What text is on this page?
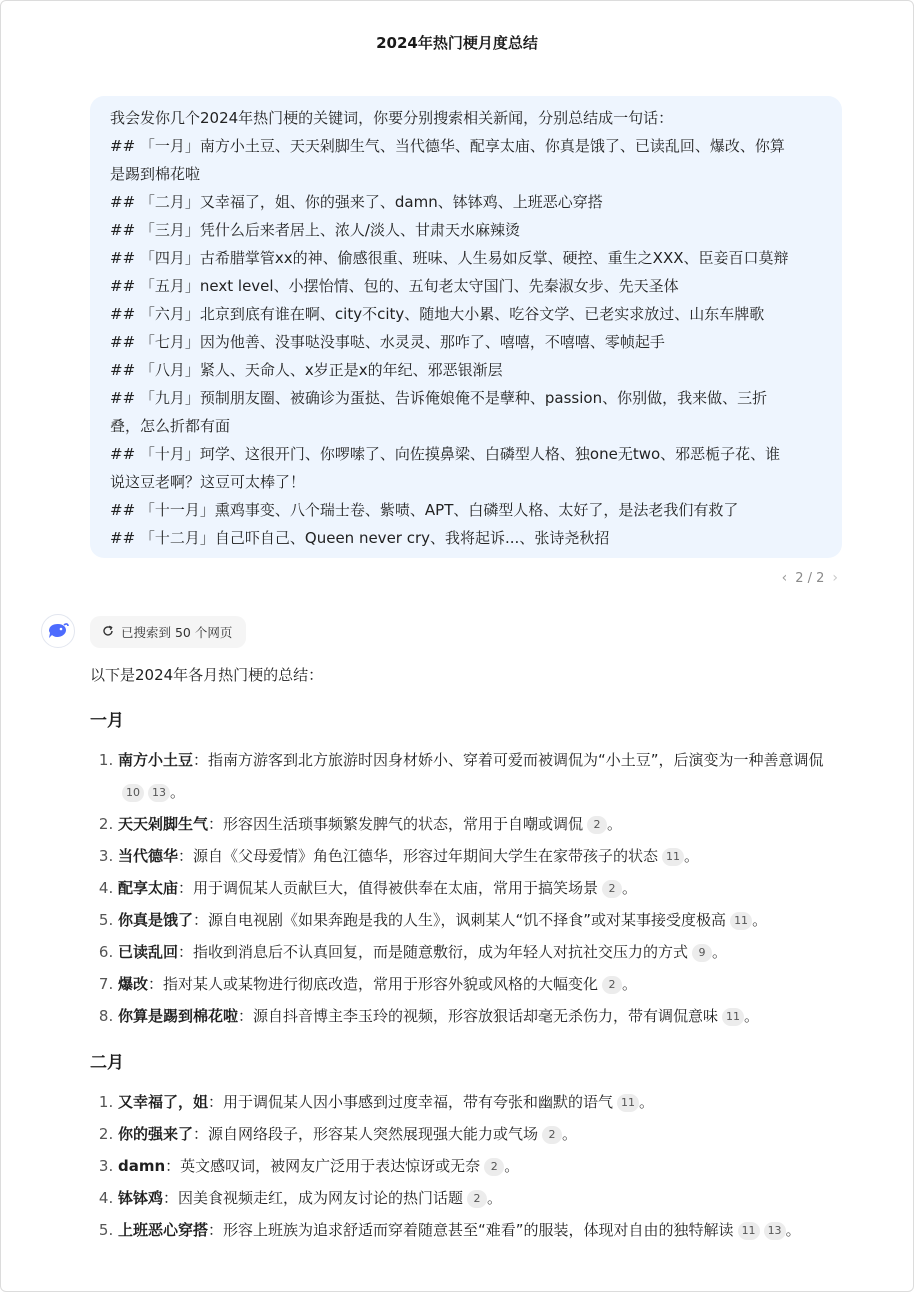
2024年热门梗月度总结

我会发你几个2024年热门梗的关键词，你要分别搜索相关新闻，分别总结成一句话：

## 「一月」南方小土豆、天天剁脚生气、当代德华、配享太庙、你真是饿了、已读乱回、爆改、你算

是踢到棉花啦

## 「二月」又幸福了，姐、你的强来了、damn、钵钵鸡、上班恶心穿搭

## 「三月」凭什么后来者居上、浓人/淡人、甘肃天水麻辣烫

## 「四月」古希腊掌管xx的神、偷感很重、班味、人生易如反掌、硬控、重生之XXX、臣妾百口莫辩

## 「五月」next level、小摆怡情、包的、五旬老太守国门、先秦淑女步、先天圣体

## 「六月」北京到底有谁在啊、city不city、随地大小累、吃谷文学、已老实求放过、山东车牌歌

## 「七月」因为他善、没事哒没事哒、水灵灵、那咋了、嘻嘻，不嘻嘻、零帧起手

## 「八月」紧人、天命人、x岁正是x的年纪、邪恶银渐层

## 「九月」预制朋友圈、被确诊为蛋挞、告诉俺娘俺不是孽种、passion、你别做，我来做、三折

叠，怎么折都有面

## 「十月」珂学、这很开门、你啰嗦了、向佐摸鼻梁、白磷型人格、独one无two、邪恶栀子花、谁

说这豆老啊？这豆可太棒了！

## 「十一月」熏鸡事变、八个瑞士卷、紫啧、APT、白磷型人格、太好了，是法老我们有救了

## 「十二月」自己吓自己、Queen never cry、我将起诉...、张诗尧秋招

‹ 2 / 2 ›
已搜索到 50 个网页

以下是2024年各月热门梗的总结：

一月
1. 南方小土豆：指南方游客到北方旅游时因身材娇小、穿着可爱而被调侃为“小土豆”，后演变为一种善意调侃10 13 。
2. 天天剁脚生气：形容因生活琐事频繁发脾气的状态，常用于自嘲或调侃 2 。
3. 当代德华：源自《父母爱情》角色江德华，形容过年期间大学生在家带孩子的状态 11 。
4. 配享太庙：用于调侃某人贡献巨大，值得被供奉在太庙，常用于搞笑场景 2 。
5. 你真是饿了：源自电视剧《如果奔跑是我的人生》，讽刺某人“饥不择食”或对某事接受度极高 11 。
6. 已读乱回：指收到消息后不认真回复，而是随意敷衍，成为年轻人对抗社交压力的方式 9 。
7. 爆改：指对某人或某物进行彻底改造，常用于形容外貌或风格的大幅变化 2 。
8. 你算是踢到棉花啦：源自抖音博主李玉玲的视频，形容放狠话却毫无杀伤力，带有调侃意味 11 。
二月
1. 又幸福了，姐：用于调侃某人因小事感到过度幸福，带有夸张和幽默的语气 11 。
2. 你的强来了：源自网络段子，形容某人突然展现强大能力或气场 2 。
3. damn：英文感叹词，被网友广泛用于表达惊讶或无奈 2 。
4. 钵钵鸡：因美食视频走红，成为网友讨论的热门话题 2 。
5. 上班恶心穿搭：形容上班族为追求舒适而穿着随意甚至“难看”的服装，体现对自由的独特解读 11 13 。
